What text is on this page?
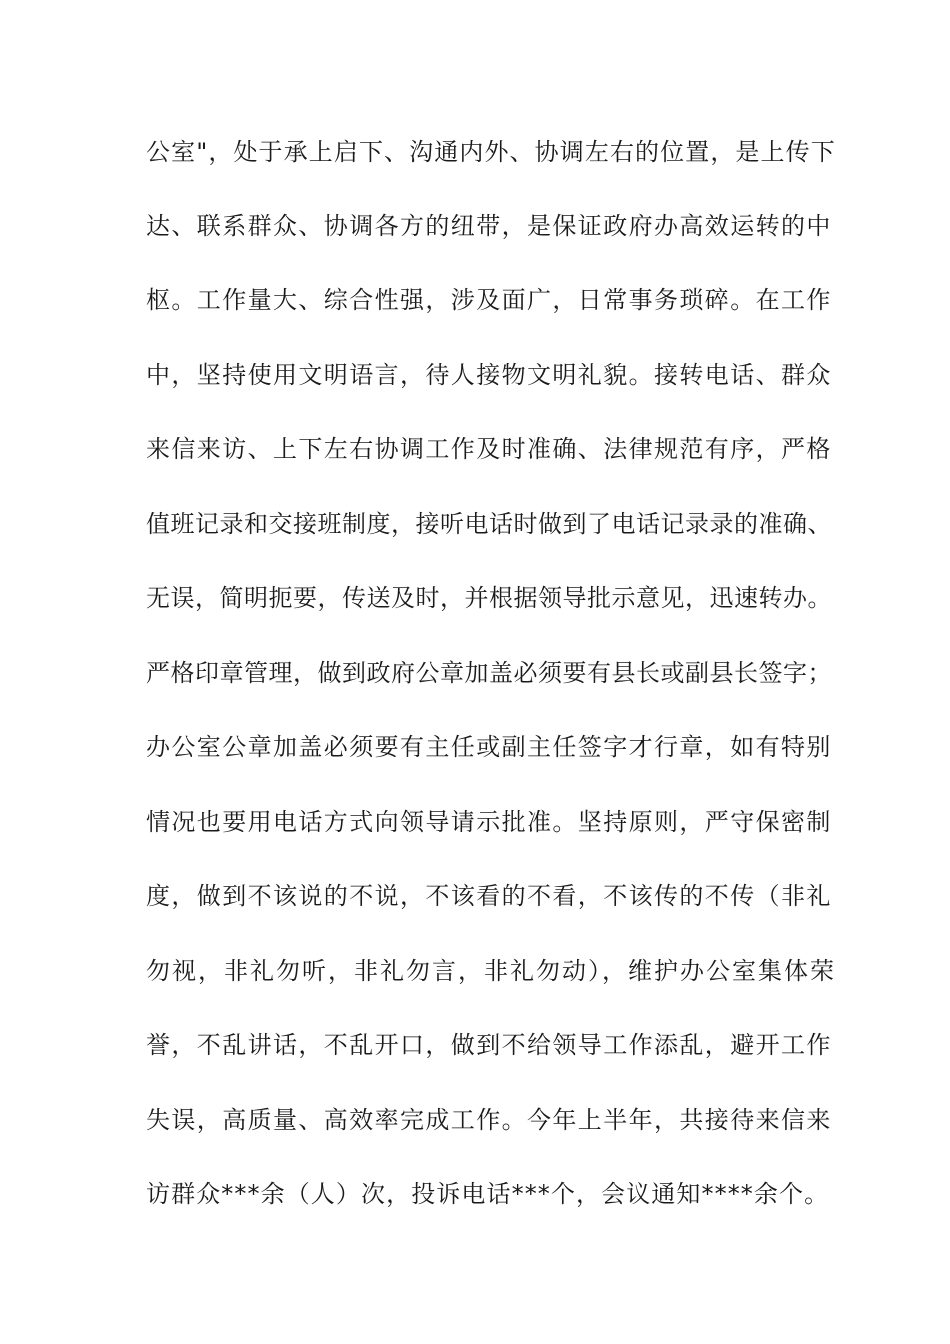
公室"，处于承上启下、沟通内外、协调左右的位置，是上传下
达、联系群众、协调各方的纽带，是保证政府办高效运转的中
枢。工作量大、综合性强，涉及面广，日常事务琐碎。在工作
中，坚持使用文明语言，待人接物文明礼貌。接转电话、群众
来信来访、上下左右协调工作及时准确、法律规范有序，严格
值班记录和交接班制度，接听电话时做到了电话记录录的准确、
无误，简明扼要，传送及时，并根据领导批示意见，迅速转办。
严格印章管理，做到政府公章加盖必须要有县长或副县长签字；
办公室公章加盖必须要有主任或副主任签字才行章，如有特别
情况也要用电话方式向领导请示批准。坚持原则，严守保密制
度，做到不该说的不说，不该看的不看，不该传的不传（非礼
勿视，非礼勿听，非礼勿言，非礼勿动），维护办公室集体荣
誉，不乱讲话，不乱开口，做到不给领导工作添乱，避开工作
失误，高质量、高效率完成工作。今年上半年，共接待来信来
访群众***余（人）次，投诉电话***个，会议通知****余个。
